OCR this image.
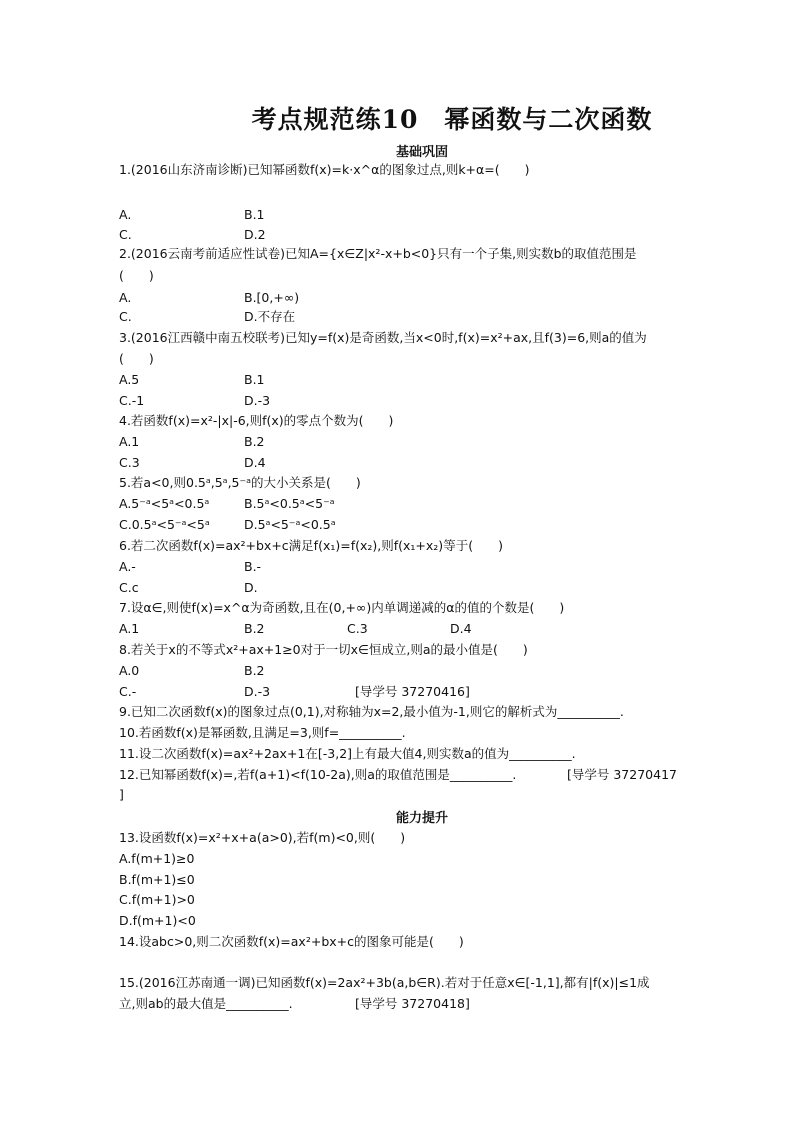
考点规范练10　幂函数与二次函数
基础巩固
1.(2016山东济南诊断)已知幂函数f(x)=k·x^α的图象过点,则k+α=(　　)
A.	B.1
C.	D.2
2.(2016云南考前适应性试卷)已知A={x∈Z|x²-x+b<0}只有一个子集,则实数b的取值范围是
(　　)
A.	B.[0,+∞)
C.	D.不存在
3.(2016江西赣中南五校联考)已知y=f(x)是奇函数,当x<0时,f(x)=x²+ax,且f(3)=6,则a的值为
(　　)
A.5	B.1
C.-1	D.-3
4.若函数f(x)=x²-|x|-6,则f(x)的零点个数为(　　)
A.1	B.2
C.3	D.4
5.若a<0,则0.5ᵃ,5ᵃ,5⁻ᵃ的大小关系是(　　)
A.5⁻ᵃ<5ᵃ<0.5ᵃ	B.5ᵃ<0.5ᵃ<5⁻ᵃ
C.0.5ᵃ<5⁻ᵃ<5ᵃ	D.5ᵃ<5⁻ᵃ<0.5ᵃ
6.若二次函数f(x)=ax²+bx+c满足f(x₁)=f(x₂),则f(x₁+x₂)等于(　　)
A.-	B.-
C.c	D.
7.设α∈,则使f(x)=x^α为奇函数,且在(0,+∞)内单调递减的α的值的个数是(　　)
A.1	B.2	C.3	D.4
8.若关于x的不等式x²+ax+1≥0对于一切x∈恒成立,则a的最小值是(　　)
A.0	B.2
C.-	D.-3	[导学号 37270416]
9.已知二次函数f(x)的图象过点(0,1),对称轴为x=2,最小值为-1,则它的解析式为__________.
10.若函数f(x)是幂函数,且满足=3,则f=__________.
11.设二次函数f(x)=ax²+2ax+1在[-3,2]上有最大值4,则实数a的值为__________.
12.已知幂函数f(x)=,若f(a+1)<f(10-2a),则a的取值范围是__________.	[导学号 37270417
]
能力提升
13.设函数f(x)=x²+x+a(a>0),若f(m)<0,则(　　)
A.f(m+1)≥0
B.f(m+1)≤0
C.f(m+1)>0
D.f(m+1)<0
14.设abc>0,则二次函数f(x)=ax²+bx+c的图象可能是(　　)
15.(2016江苏南通一调)已知函数f(x)=2ax²+3b(a,b∈R).若对于任意x∈[-1,1],都有|f(x)|≤1成
立,则ab的最大值是__________.	[导学号 37270418]
